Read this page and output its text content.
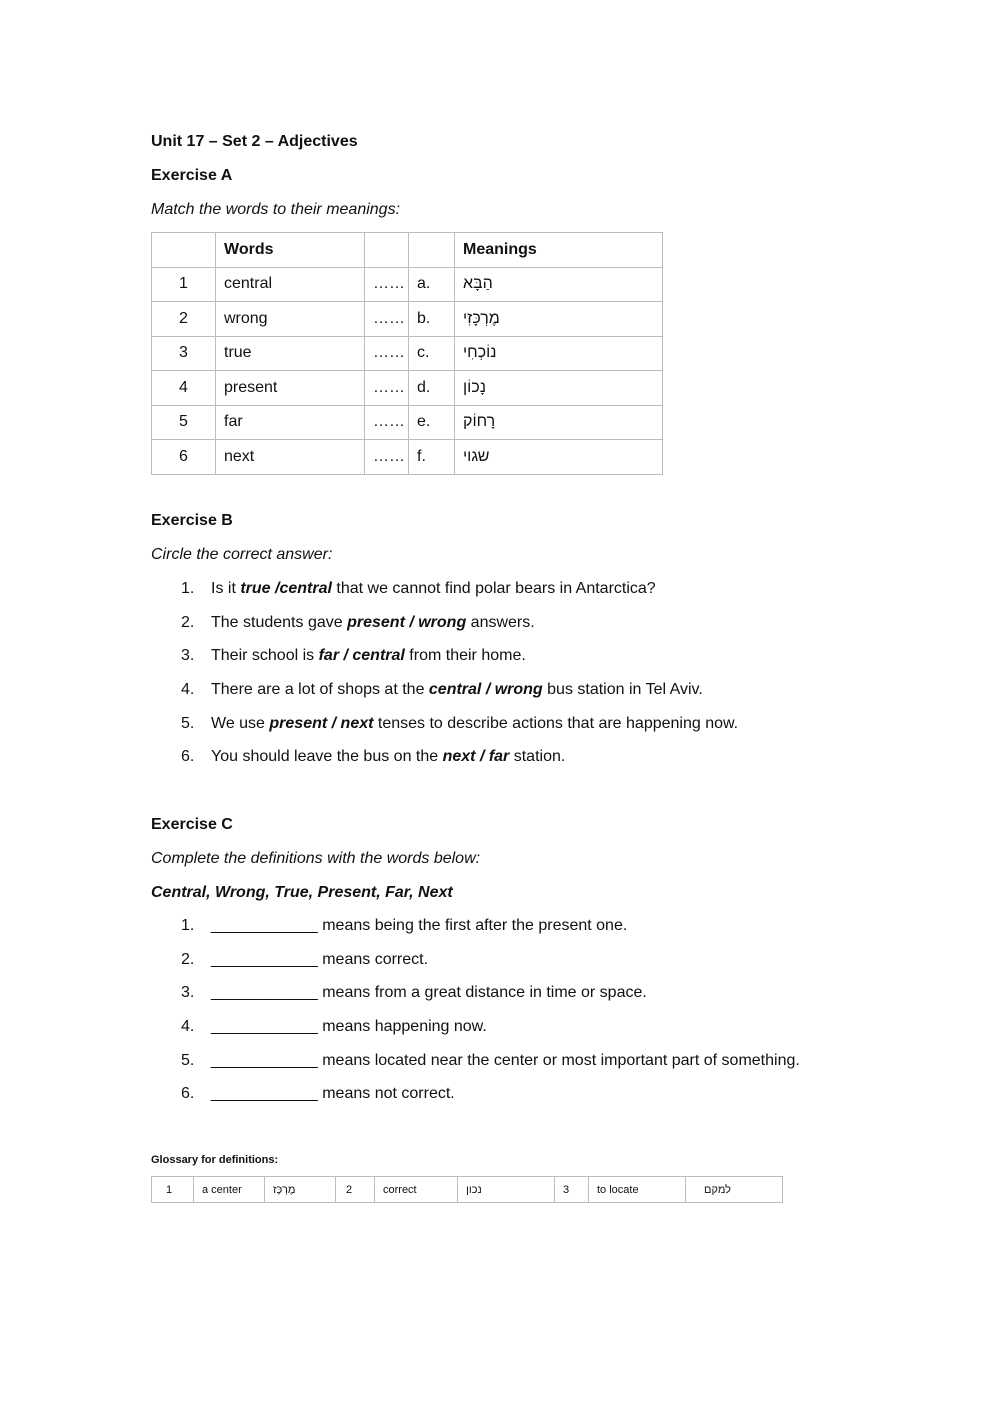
Unit 17 – Set 2 – Adjectives
Exercise A
Match the words to their meanings:
	Words			Meanings
1	central	……	a.	הַבָּא
2	wrong	……	b.	מֶרְכָּזִי
3	true	……	c.	נוֹכְחִי
4	present	……	d.	נָכוֹן
5	far	……	e.	רָחוֹק
6	next	……	f.	שגוי
Exercise B
Circle the correct answer:
1.	Is it true /central that we cannot find polar bears in Antarctica?
2.	The students gave present / wrong answers.
3.	Their school is far / central from their home.
4.	There are a lot of shops at the central / wrong bus station in Tel Aviv.
5.	We use present / next tenses to describe actions that are happening now.
6.	You should leave the bus on the next / far station.
Exercise C
Complete the definitions with the words below:
Central, Wrong, True, Present, Far, Next
1.	____________ means being the first after the present one.
2.	____________ means correct.
3.	____________ means from a great distance in time or space.
4.	____________ means happening now.
5.	____________ means located near the center or most important part of something.
6.	____________ means not correct.
Glossary for definitions:
1	a center	מֶרְכָּז	2	correct	נכון	3	to locate	למקם
